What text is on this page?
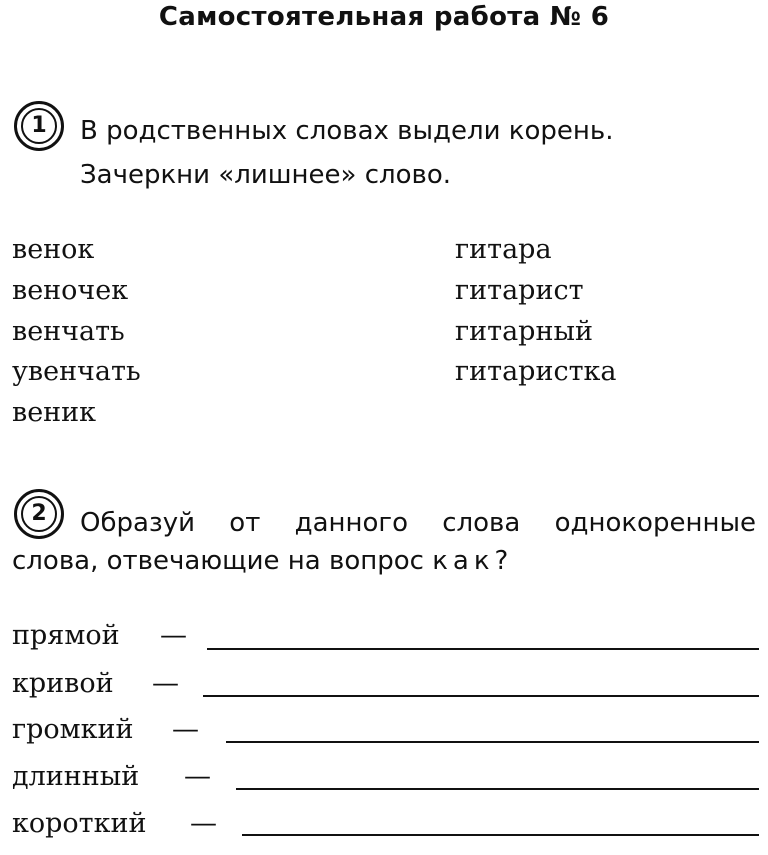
Самостоятельная работа № 6
1	В родственных словах выдели корень.
Зачеркни «лишнее» слово.
венок
веночек
венчать
увенчать
веник
гитара
гитарист
гитарный
гитаристка
2	Образуй от данного слова однокоренные
слова, отвечающие на вопрос как?
прямой —
кривой —
громкий —
длинный —
короткий —
